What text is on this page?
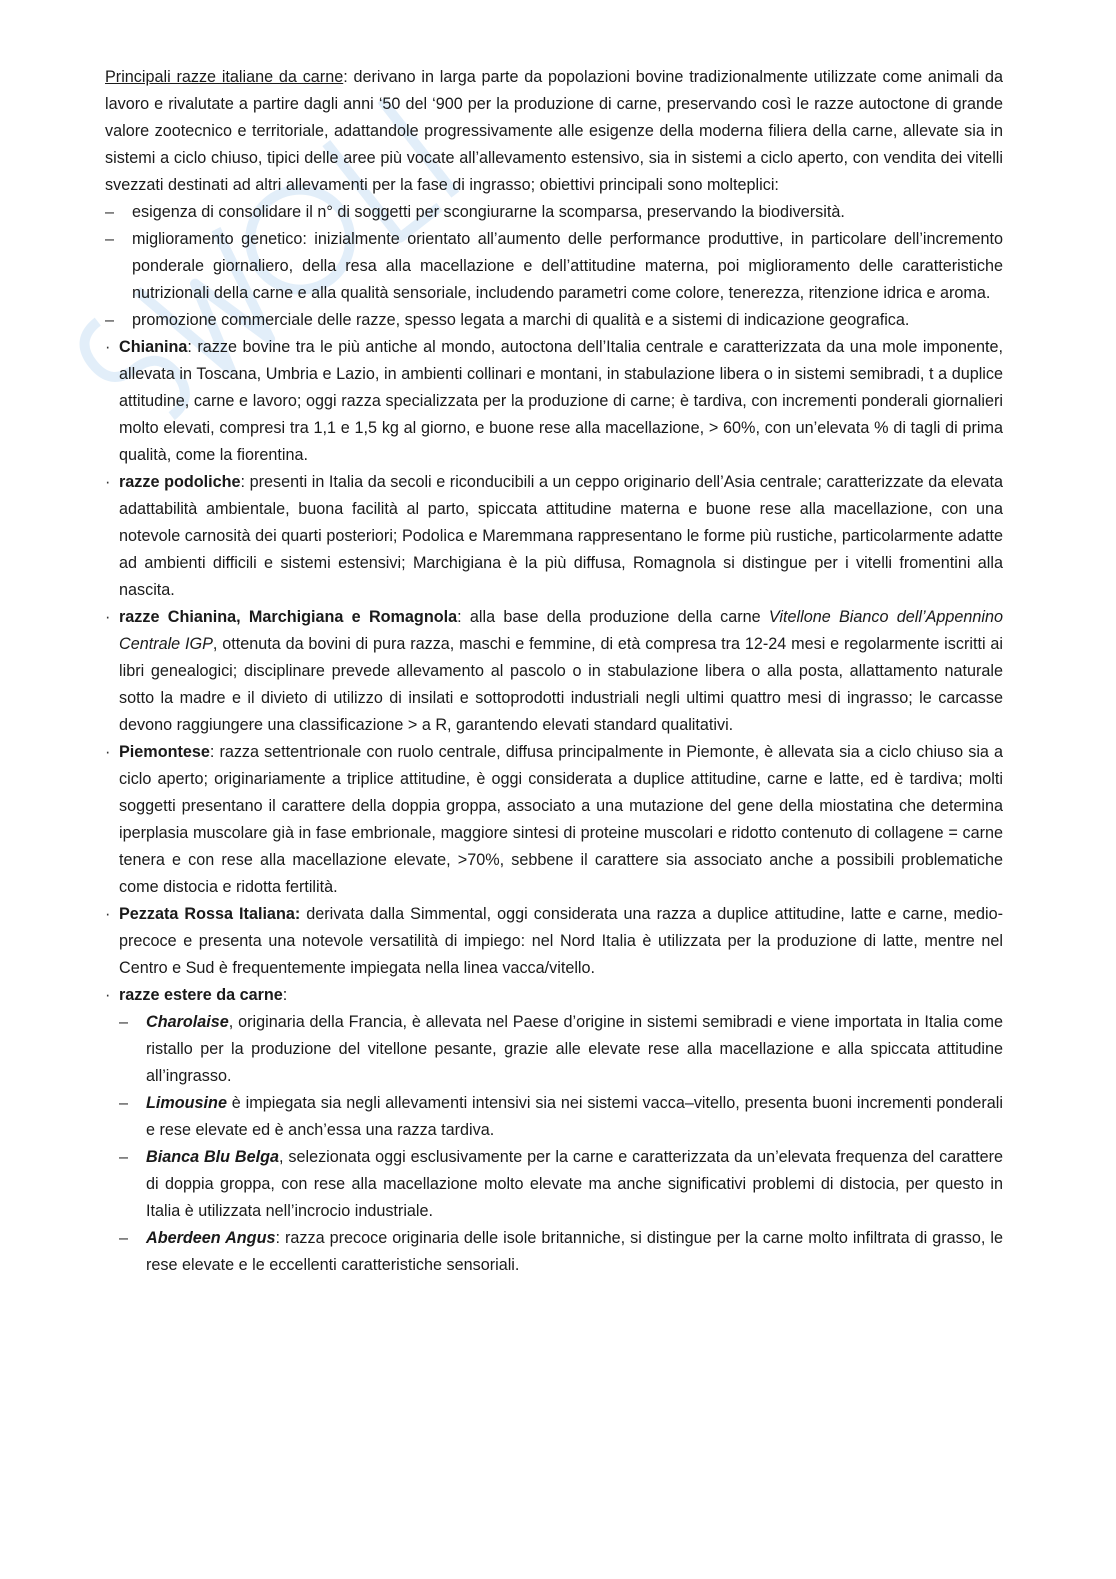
Principali razze italiane da carne: derivano in larga parte da popolazioni bovine tradizionalmente utilizzate come animali da lavoro e rivalutate a partire dagli anni ‘50 del ‘900 per la produzione di carne, preservando così le razze autoctone di grande valore zootecnico e territoriale, adattandole progressivamente alle esigenze della moderna filiera della carne, allevate sia in sistemi a ciclo chiuso, tipici delle aree più vocate all’allevamento estensivo, sia in sistemi a ciclo aperto, con vendita dei vitelli svezzati destinati ad altri allevamenti per la fase di ingrasso; obiettivi principali sono molteplici:

– esigenza di consolidare il n° di soggetti per scongiurarne la scomparsa, preservando la biodiversità.
– miglioramento genetico: inizialmente orientato all’aumento delle performance produttive, in particolare dell’incremento ponderale giornaliero, della resa alla macellazione e dell’attitudine materna, poi miglioramento delle caratteristiche nutrizionali della carne e alla qualità sensoriale, includendo parametri come colore, tenerezza, ritenzione idrica e aroma.
– promozione commerciale delle razze, spesso legata a marchi di qualità e a sistemi di indicazione geografica.
· Chianina: razze bovine tra le più antiche al mondo, autoctona dell’Italia centrale e caratterizzata da una mole imponente, allevata in Toscana, Umbria e Lazio, in ambienti collinari e montani, in stabulazione libera o in sistemi semibradi, t a duplice attitudine, carne e lavoro; oggi razza specializzata per la produzione di carne; è tardiva, con incrementi ponderali giornalieri molto elevati, compresi tra 1,1 e 1,5 kg al giorno, e buone rese alla macellazione, > 60%, con un’elevata % di tagli di prima qualità, come la fiorentina.
· razze podoliche: presenti in Italia da secoli e riconducibili a un ceppo originario dell’Asia centrale; caratterizzate da elevata adattabilità ambientale, buona facilità al parto, spiccata attitudine materna e buone rese alla macellazione, con una notevole carnosità dei quarti posteriori; Podolica e Maremmana rappresentano le forme più rustiche, particolarmente adatte ad ambienti difficili e sistemi estensivi; Marchigiana è la più diffusa, Romagnola si distingue per i vitelli fromentini alla nascita.
· razze Chianina, Marchigiana e Romagnola: alla base della produzione della carne Vitellone Bianco dell’Appennino Centrale IGP, ottenuta da bovini di pura razza, maschi e femmine, di età compresa tra 12-24 mesi e regolarmente iscritti ai libri genealogici; disciplinare prevede allevamento al pascolo o in stabulazione libera o alla posta, allattamento naturale sotto la madre e il divieto di utilizzo di insilati e sottoprodotti industriali negli ultimi quattro mesi di ingrasso; le carcasse devono raggiungere una classificazione > a R, garantendo elevati standard qualitativi.
· Piemontese: razza settentrionale con ruolo centrale, diffusa principalmente in Piemonte, è allevata sia a ciclo chiuso sia a ciclo aperto; originariamente a triplice attitudine, è oggi considerata a duplice attitudine, carne e latte, ed è tardiva; molti soggetti presentano il carattere della doppia groppa, associato a una mutazione del gene della miostatina che determina iperplasia muscolare già in fase embrionale, maggiore sintesi di proteine muscolari e ridotto contenuto di collagene = carne tenera e con rese alla macellazione elevate, >70%, sebbene il carattere sia associato anche a possibili problematiche come distocia e ridotta fertilità.
· Pezzata Rossa Italiana: derivata dalla Simmental, oggi considerata una razza a duplice attitudine, latte e carne, medio-precoce e presenta una notevole versatilità di impiego: nel Nord Italia è utilizzata per la produzione di latte, mentre nel Centro e Sud è frequentemente impiegata nella linea vacca/vitello.
· razze estere da carne:
– Charolaise, originaria della Francia, è allevata nel Paese d’origine in sistemi semibradi e viene importata in Italia come ristallo per la produzione del vitellone pesante, grazie alle elevate rese alla macellazione e alla spiccata attitudine all’ingrasso.
– Limousine è impiegata sia negli allevamenti intensivi sia nei sistemi vacca–vitello, presenta buoni incrementi ponderali e rese elevate ed è anch’essa una razza tardiva.
– Bianca Blu Belga, selezionata oggi esclusivamente per la carne e caratterizzata da un’elevata frequenza del carattere di doppia groppa, con rese alla macellazione molto elevate ma anche significativi problemi di distocia, per questo in Italia è utilizzata nell’incrocio industriale.
– Aberdeen Angus: razza precoce originaria delle isole britanniche, si distingue per la carne molto infiltrata di grasso, le rese elevate e le eccellenti caratteristiche sensoriali.
